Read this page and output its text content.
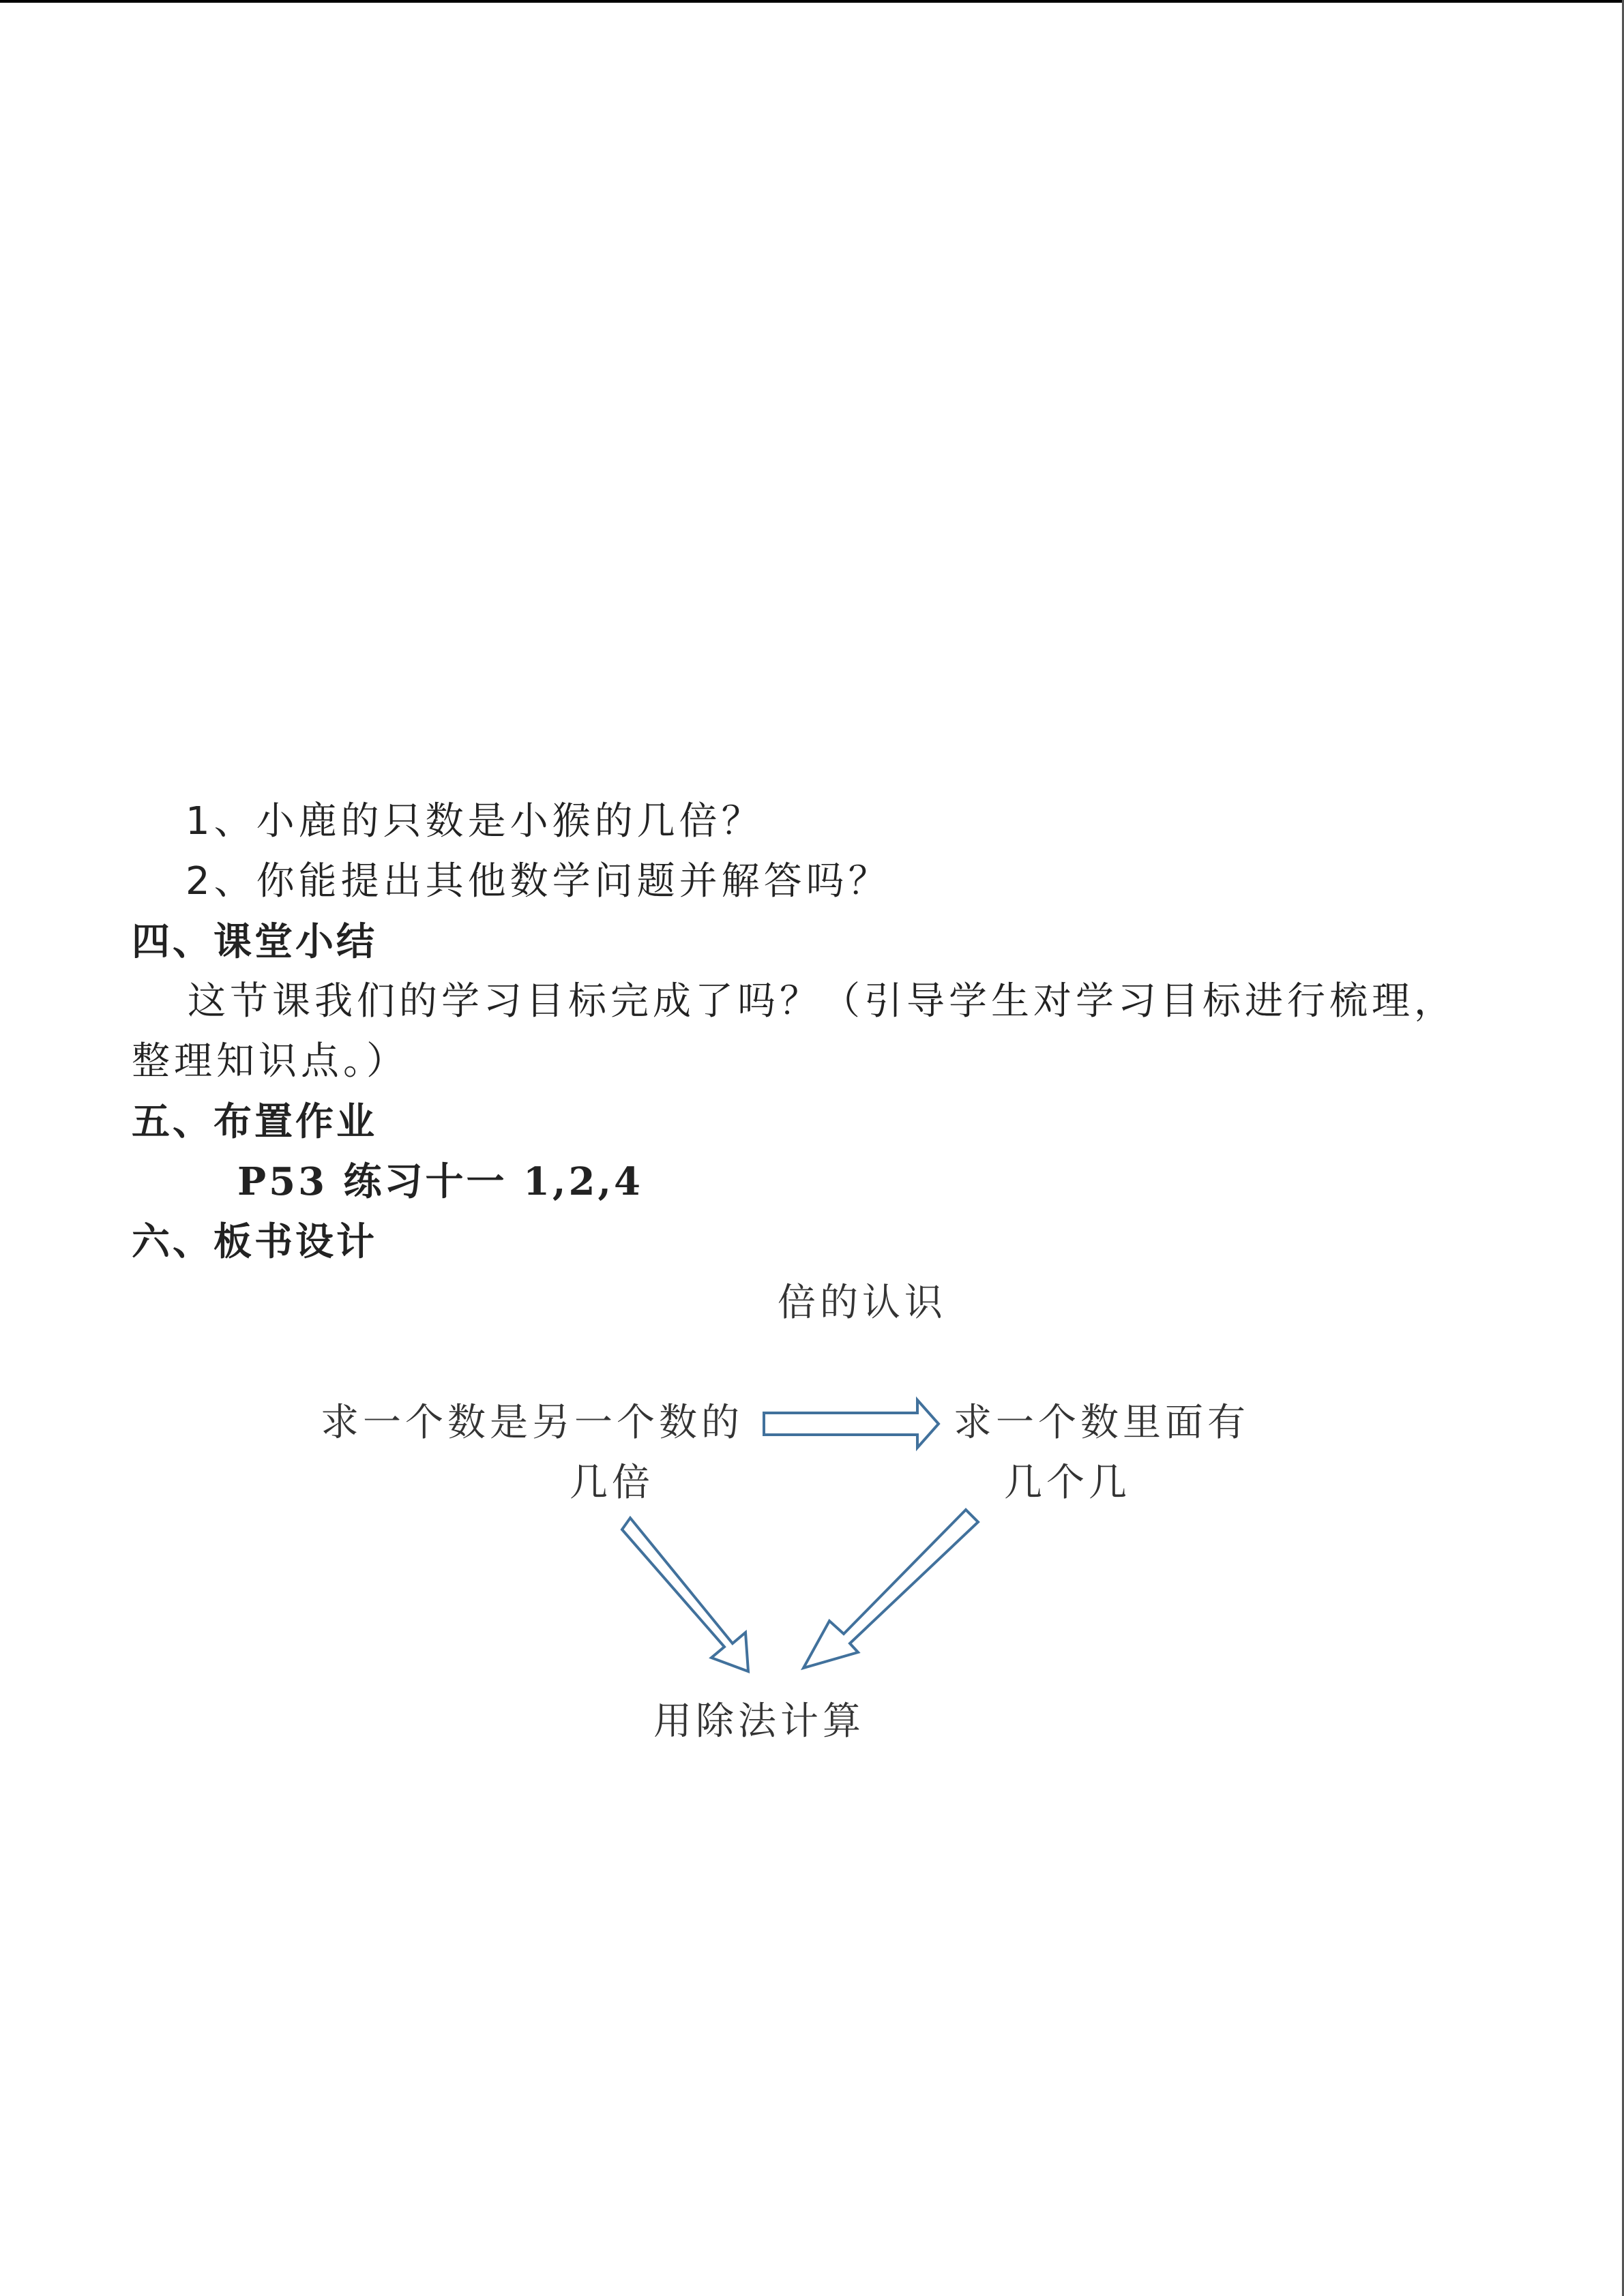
1、小鹿的只数是小猴的几倍？
2、你能提出其他数学问题并解答吗？
四、课堂小结
这节课我们的学习目标完成了吗？（引导学生对学习目标进行梳理，
整理知识点。）
五、布置作业
P53 练习十一 1,2,4
六、板书设计
倍的认识
求一个数是另一个数的
几倍
求一个数里面有
几个几
用除法计算
